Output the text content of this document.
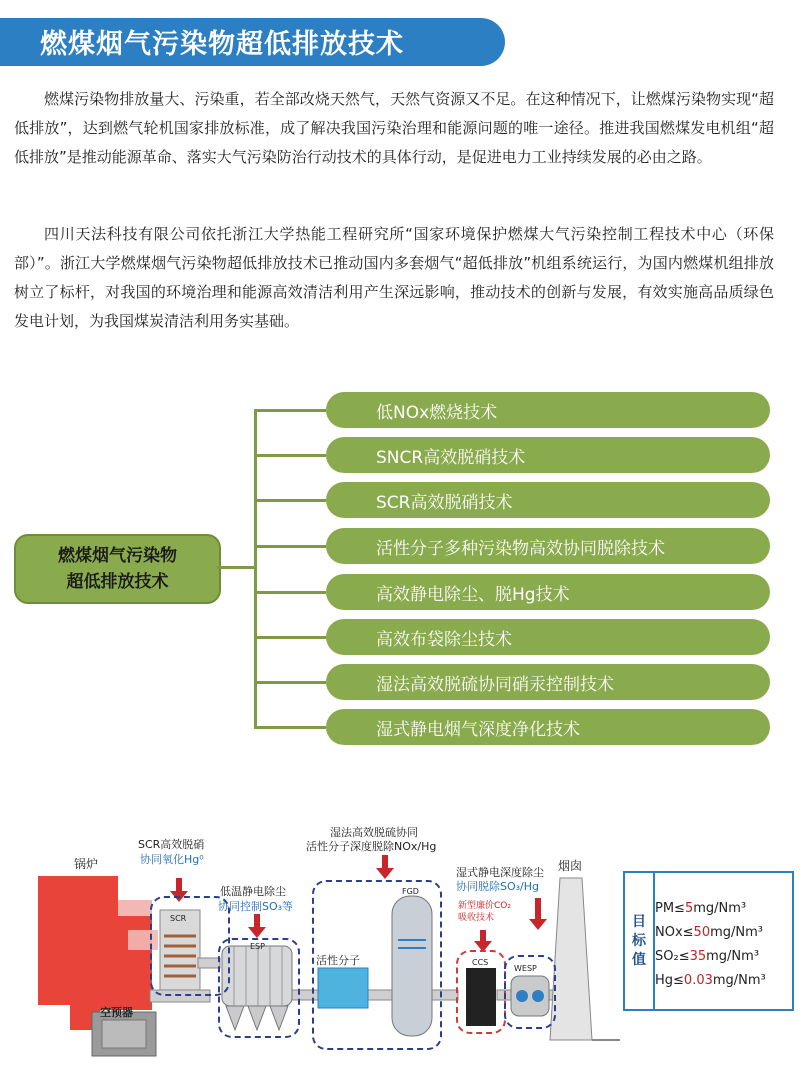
燃煤烟气污染物超低排放技术

燃煤污染物排放量大、污染重，若全部改烧天然气，天然气资源又不足。在这种情况下，让燃煤污染物实现“超低排放”，达到燃气轮机国家排放标准，成了解决我国污染治理和能源问题的唯一途径。推进我国燃煤发电机组“超低排放”是推动能源革命、落实大气污染防治行动技术的具体行动，是促进电力工业持续发展的必由之路。

四川天法科技有限公司依托浙江大学热能工程研究所“国家环境保护燃煤大气污染控制工程技术中心（环保部）”。浙江大学燃煤烟气污染物超低排放技术已推动国内多套烟气“超低排放”机组系统运行，为国内燃煤机组排放树立了标杆，对我国的环境治理和能源高效清洁利用产生深远影响，推动技术的创新与发展，有效实施高品质绿色发电计划，为我国煤炭清洁利用务实基础。

燃煤烟气污染物
超低排放技术
低NOx燃烧技术
SNCR高效脱硝技术
SCR高效脱硝技术
活性分子多种污染物高效协同脱除技术
高效静电除尘、脱Hg技术
高效布袋除尘技术
湿法高效脱硫协同硝汞控制技术
湿式静电烟气深度净化技术
锅炉
空预器
SCR高效脱硝
协同氧化Hg⁰
SCR
低温静电除尘
协同控制SO₃等
ESP
活性分子
湿法高效脱硫协同
活性分子深度脱除NOx/Hg
FGD
湿式静电深度除尘
协同脱除SO₃/Hg
新型廉价CO₂
吸收技术
CCS
WESP
烟囱
目标值
PM≤5mg/Nm³
NOx≤50mg/Nm³
SO₂≤35mg/Nm³
Hg≤0.03mg/Nm³
